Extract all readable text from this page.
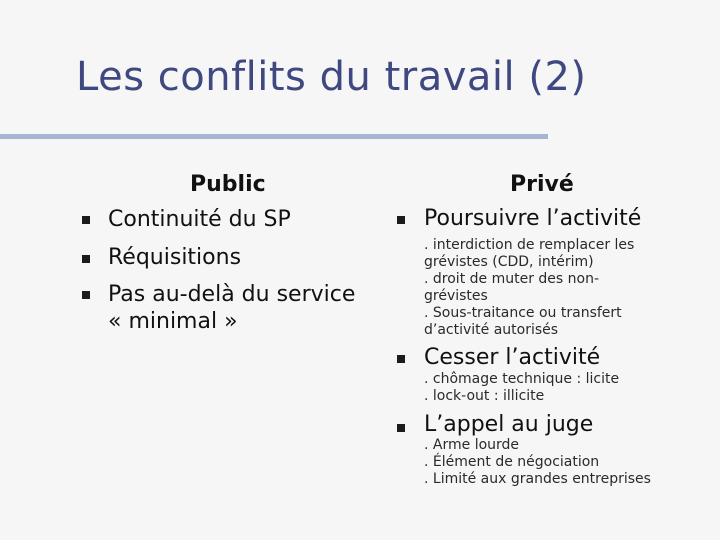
Les conflits du travail (2)
Public
Continuité du SP
Réquisitions
Pas au-delà du service
« minimal »
Privé
Poursuivre l’activité
. interdiction de remplacer les
grévistes (CDD, intérim)
. droit de muter des non-
grévistes
. Sous-traitance ou transfert
d’activité autorisés
Cesser l’activité
. chômage technique : licite
. lock-out : illicite
L’appel au juge
. Arme lourde
. Élément de négociation
. Limité aux grandes entreprises
